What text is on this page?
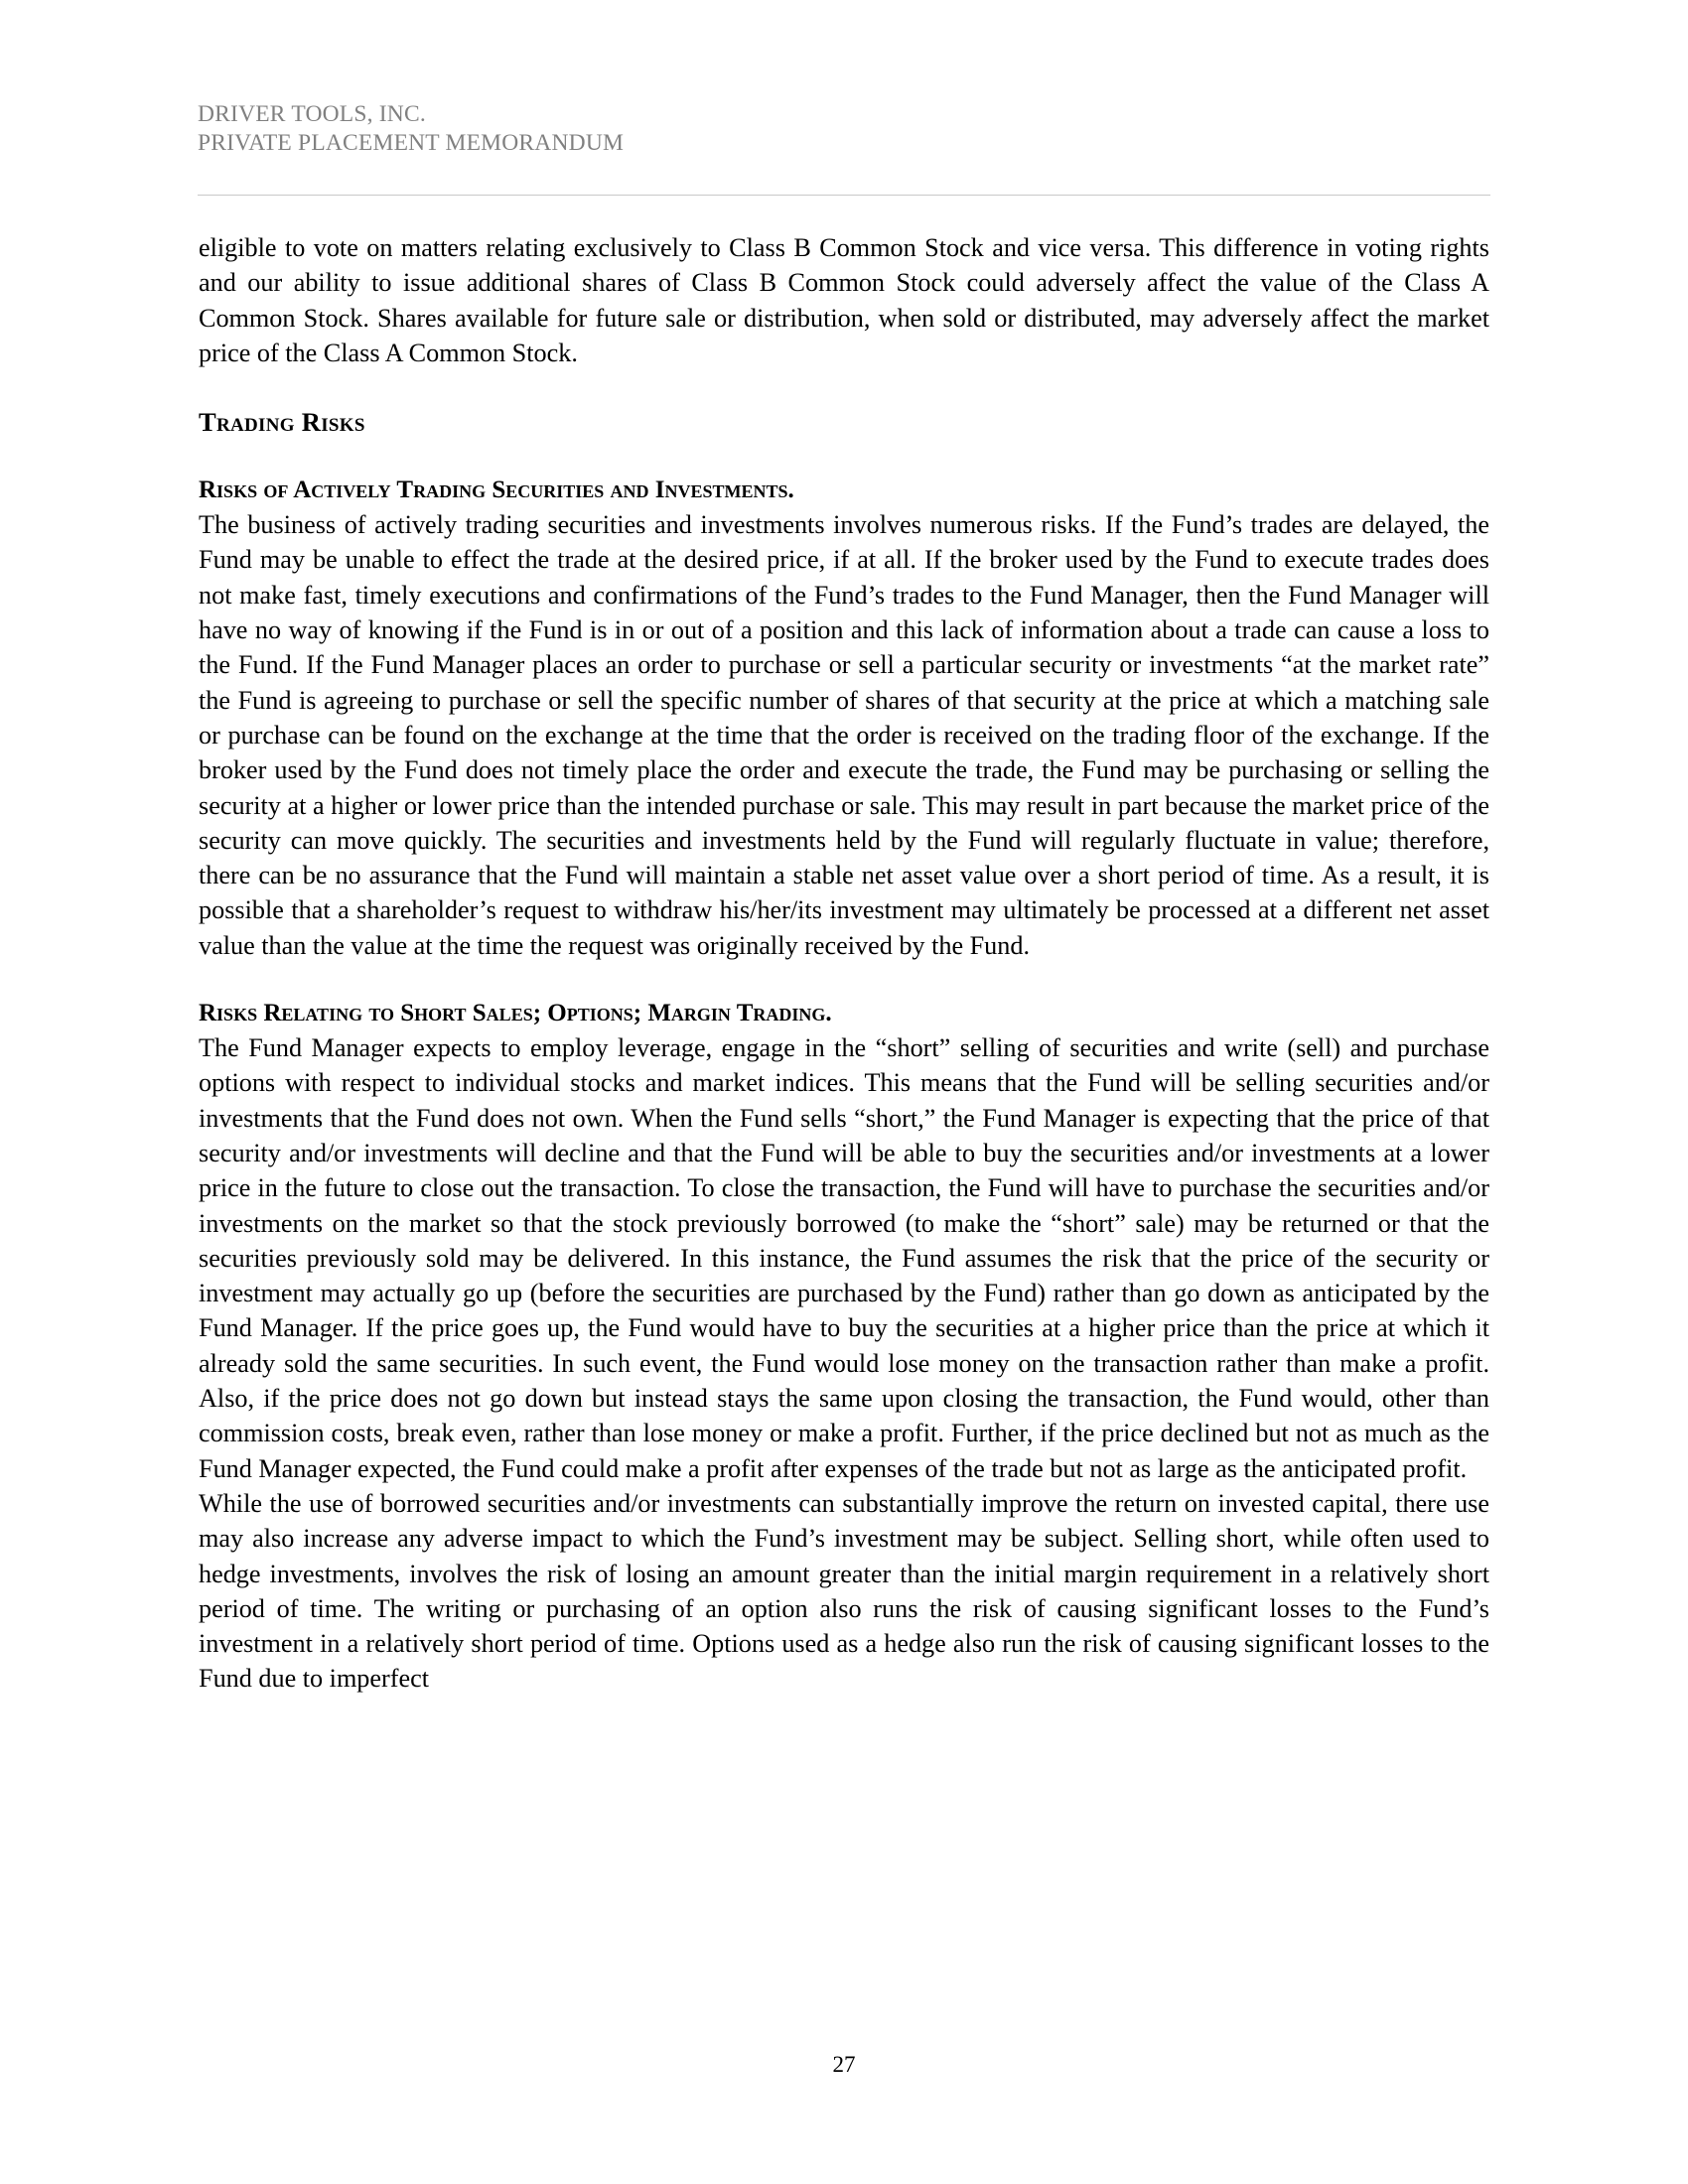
DRIVER TOOLS, INC.
PRIVATE PLACEMENT MEMORANDUM

eligible to vote on matters relating exclusively to Class B Common Stock and vice versa. This difference in voting rights and our ability to issue additional shares of Class B Common Stock could adversely affect the value of the Class A Common Stock. Shares available for future sale or distribution, when sold or distributed, may adversely affect the market price of the Class A Common Stock.

Trading Risks
Risks of Actively Trading Securities and Investments.

The business of actively trading securities and investments involves numerous risks. If the Fund’s trades are delayed, the Fund may be unable to effect the trade at the desired price, if at all. If the broker used by the Fund to execute trades does not make fast, timely executions and confirmations of the Fund’s trades to the Fund Manager, then the Fund Manager will have no way of knowing if the Fund is in or out of a position and this lack of information about a trade can cause a loss to the Fund. If the Fund Manager places an order to purchase or sell a particular security or investments “at the market rate” the Fund is agreeing to purchase or sell the specific number of shares of that security at the price at which a matching sale or purchase can be found on the exchange at the time that the order is received on the trading floor of the exchange. If the broker used by the Fund does not timely place the order and execute the trade, the Fund may be purchasing or selling the security at a higher or lower price than the intended purchase or sale. This may result in part because the market price of the security can move quickly. The securities and investments held by the Fund will regularly fluctuate in value; therefore, there can be no assurance that the Fund will maintain a stable net asset value over a short period of time. As a result, it is possible that a shareholder’s request to withdraw his/her/its investment may ultimately be processed at a different net asset value than the value at the time the request was originally received by the Fund.

Risks Relating to Short Sales; Options; Margin Trading.

The Fund Manager expects to employ leverage, engage in the “short” selling of securities and write (sell) and purchase options with respect to individual stocks and market indices. This means that the Fund will be selling securities and/or investments that the Fund does not own. When the Fund sells “short,” the Fund Manager is expecting that the price of that security and/or investments will decline and that the Fund will be able to buy the securities and/or investments at a lower price in the future to close out the transaction. To close the transaction, the Fund will have to purchase the securities and/or investments on the market so that the stock previously borrowed (to make the “short” sale) may be returned or that the securities previously sold may be delivered. In this instance, the Fund assumes the risk that the price of the security or investment may actually go up (before the securities are purchased by the Fund) rather than go down as anticipated by the Fund Manager. If the price goes up, the Fund would have to buy the securities at a higher price than the price at which it already sold the same securities. In such event, the Fund would lose money on the transaction rather than make a profit. Also, if the price does not go down but instead stays the same upon closing the transaction, the Fund would, other than commission costs, break even, rather than lose money or make a profit. Further, if the price declined but not as much as the Fund Manager expected, the Fund could make a profit after expenses of the trade but not as large as the anticipated profit.

While the use of borrowed securities and/or investments can substantially improve the return on invested capital, there use may also increase any adverse impact to which the Fund’s investment may be subject. Selling short, while often used to hedge investments, involves the risk of losing an amount greater than the initial margin requirement in a relatively short period of time. The writing or purchasing of an option also runs the risk of causing significant losses to the Fund’s investment in a relatively short period of time. Options used as a hedge also run the risk of causing significant losses to the Fund due to imperfect

27
